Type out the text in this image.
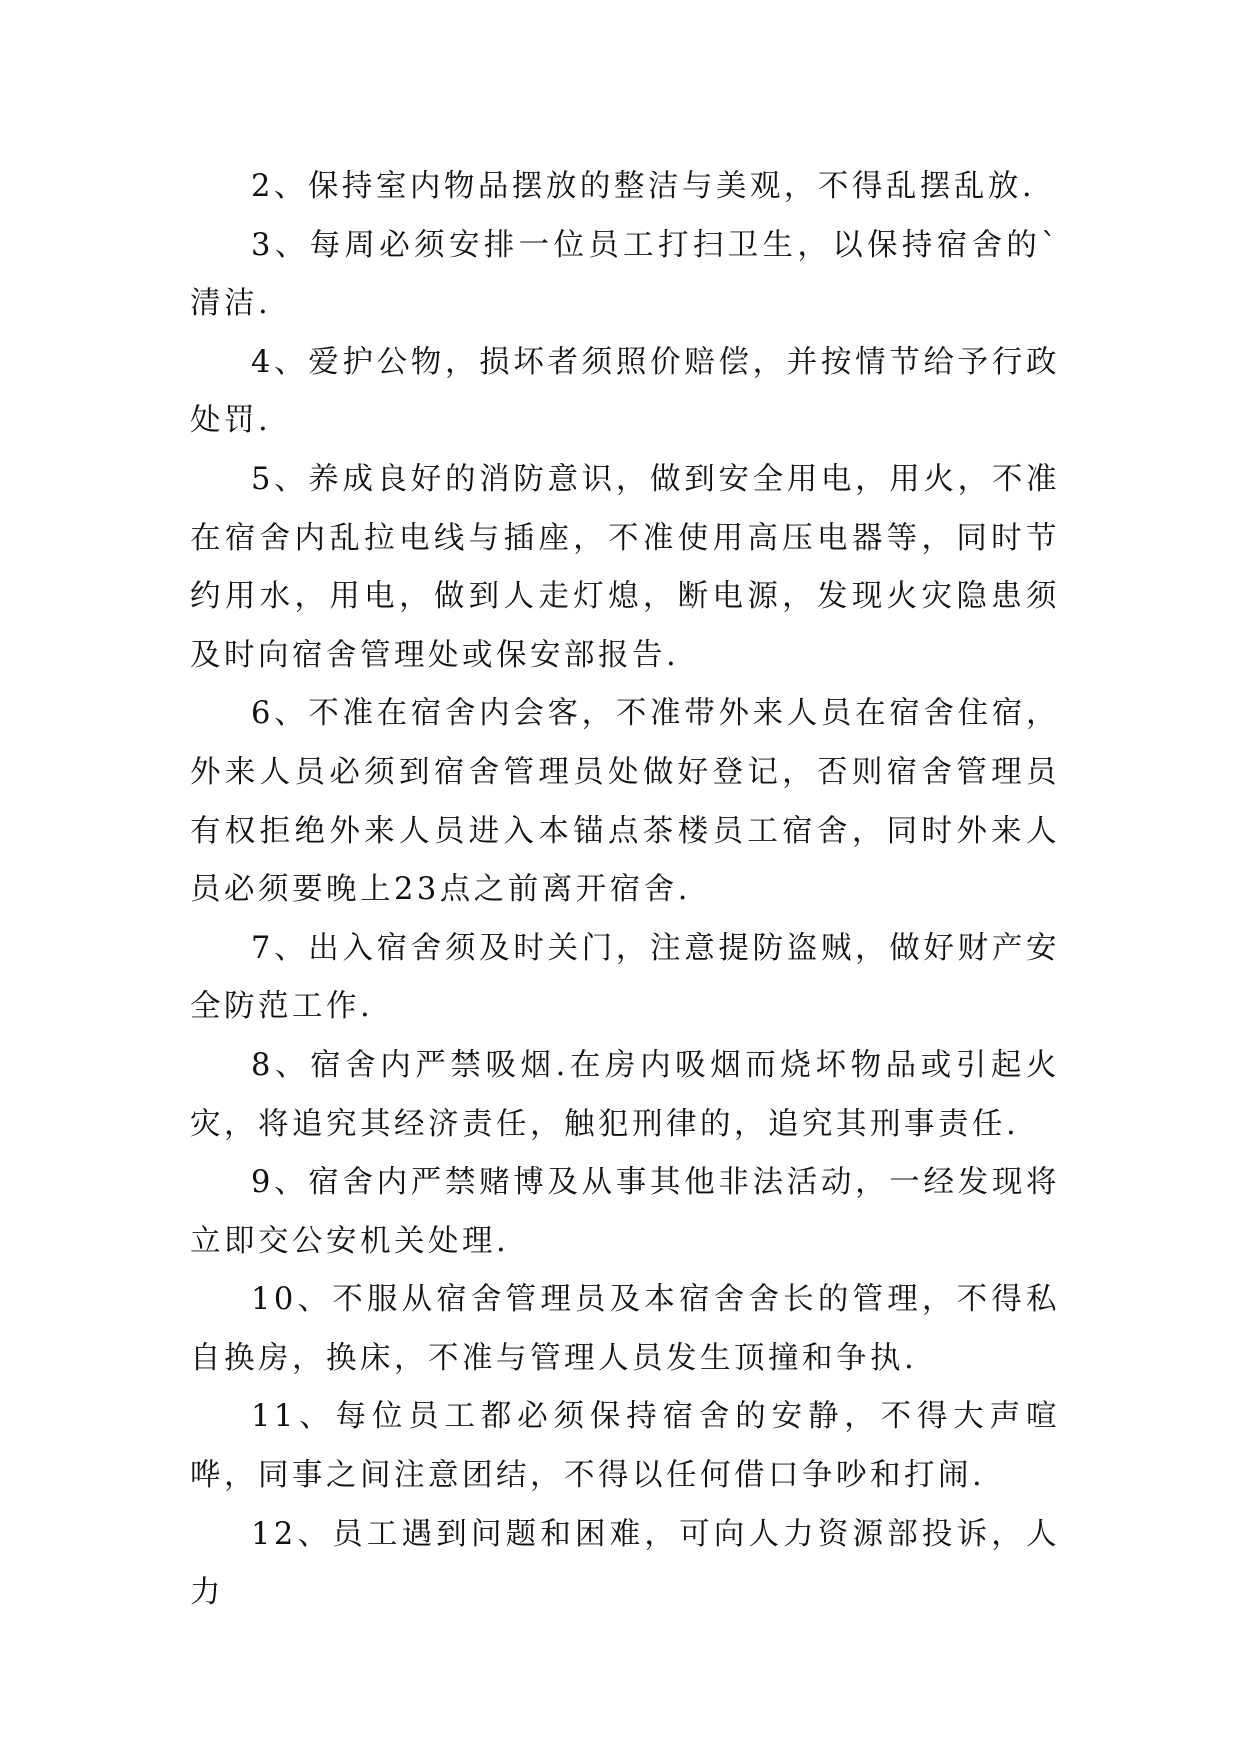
2、保持室内物品摆放的整洁与美观，不得乱摆乱放.

3、每周必须安排一位员工打扫卫生，以保持宿舍的`清洁.

4、爱护公物，损坏者须照价赔偿，并按情节给予行政处罚.

5、养成良好的消防意识，做到安全用电，用火，不准在宿舍内乱拉电线与插座，不准使用高压电器等，同时节约用水，用电，做到人走灯熄，断电源，发现火灾隐患须及时向宿舍管理处或保安部报告.

6、不准在宿舍内会客，不准带外来人员在宿舍住宿，外来人员必须到宿舍管理员处做好登记，否则宿舍管理员有权拒绝外来人员进入本锚点茶楼员工宿舍，同时外来人员必须要晚上23点之前离开宿舍.

7、出入宿舍须及时关门，注意提防盗贼，做好财产安全防范工作.

8、宿舍内严禁吸烟.在房内吸烟而烧坏物品或引起火灾，将追究其经济责任，触犯刑律的，追究其刑事责任.

9、宿舍内严禁赌博及从事其他非法活动，一经发现将立即交公安机关处理.

10、不服从宿舍管理员及本宿舍舍长的管理，不得私自换房，换床，不准与管理人员发生顶撞和争执.

11、每位员工都必须保持宿舍的安静，不得大声喧哗，同事之间注意团结，不得以任何借口争吵和打闹.

12、员工遇到问题和困难，可向人力资源部投诉，人力
